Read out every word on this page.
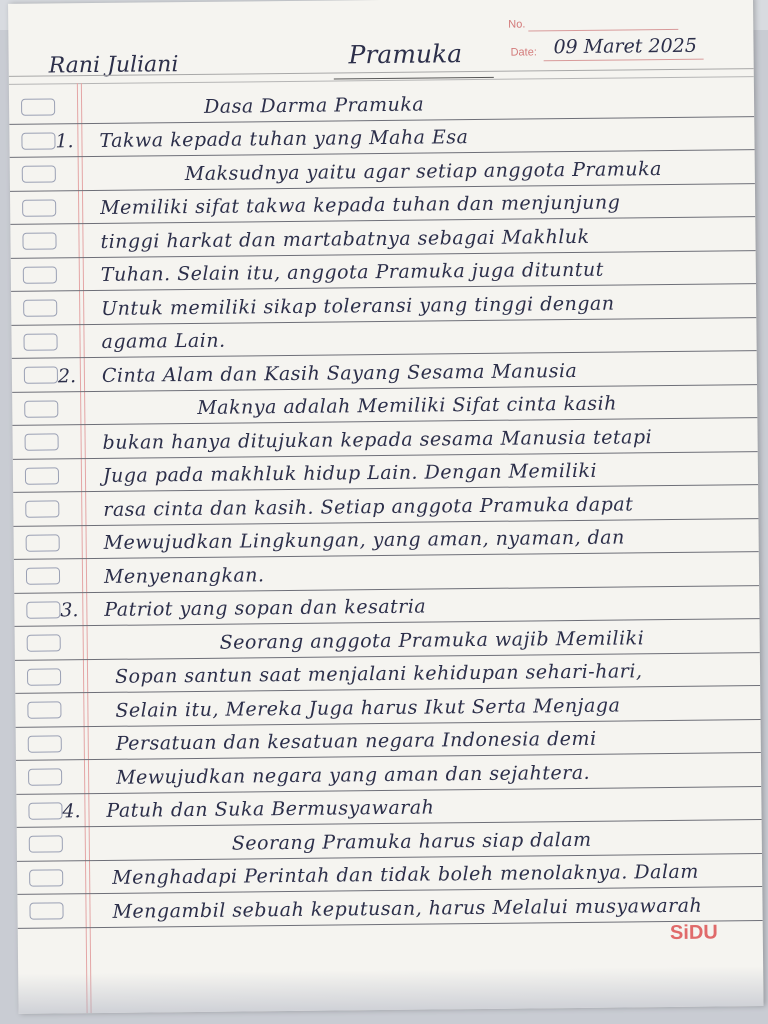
No.
Date: 09 Maret 2025
Rani Juliani	Pramuka
Dasa Darma Pramuka
1. Takwa kepada tuhan yang Maha Esa
Maksudnya yaitu agar setiap anggota Pramuka
Memiliki sifat takwa kepada tuhan dan menjunjung
tinggi harkat dan martabatnya sebagai Makhluk
Tuhan. Selain itu, anggota Pramuka juga dituntut
Untuk memiliki sikap toleransi yang tinggi dengan
agama Lain.
2. Cinta Alam dan Kasih Sayang Sesama Manusia
Maknya adalah Memiliki Sifat cinta kasih
bukan hanya ditujukan kepada sesama Manusia tetapi
Juga pada makhluk hidup Lain. Dengan Memiliki
rasa cinta dan kasih. Setiap anggota Pramuka dapat
Mewujudkan Lingkungan, yang aman, nyaman, dan
Menyenangkan.
3. Patriot yang sopan dan kesatria
Seorang anggota Pramuka wajib Memiliki
Sopan santun saat menjalani kehidupan sehari-hari,
Selain itu, Mereka Juga harus Ikut Serta Menjaga
Persatuan dan kesatuan negara Indonesia demi
Mewujudkan negara yang aman dan sejahtera.
4. Patuh dan Suka Bermusyawarah
Seorang Pramuka harus siap dalam
Menghadapi Perintah dan tidak boleh menolaknya. Dalam
Mengambil sebuah keputusan, harus Melalui musyawarah
SiDU
